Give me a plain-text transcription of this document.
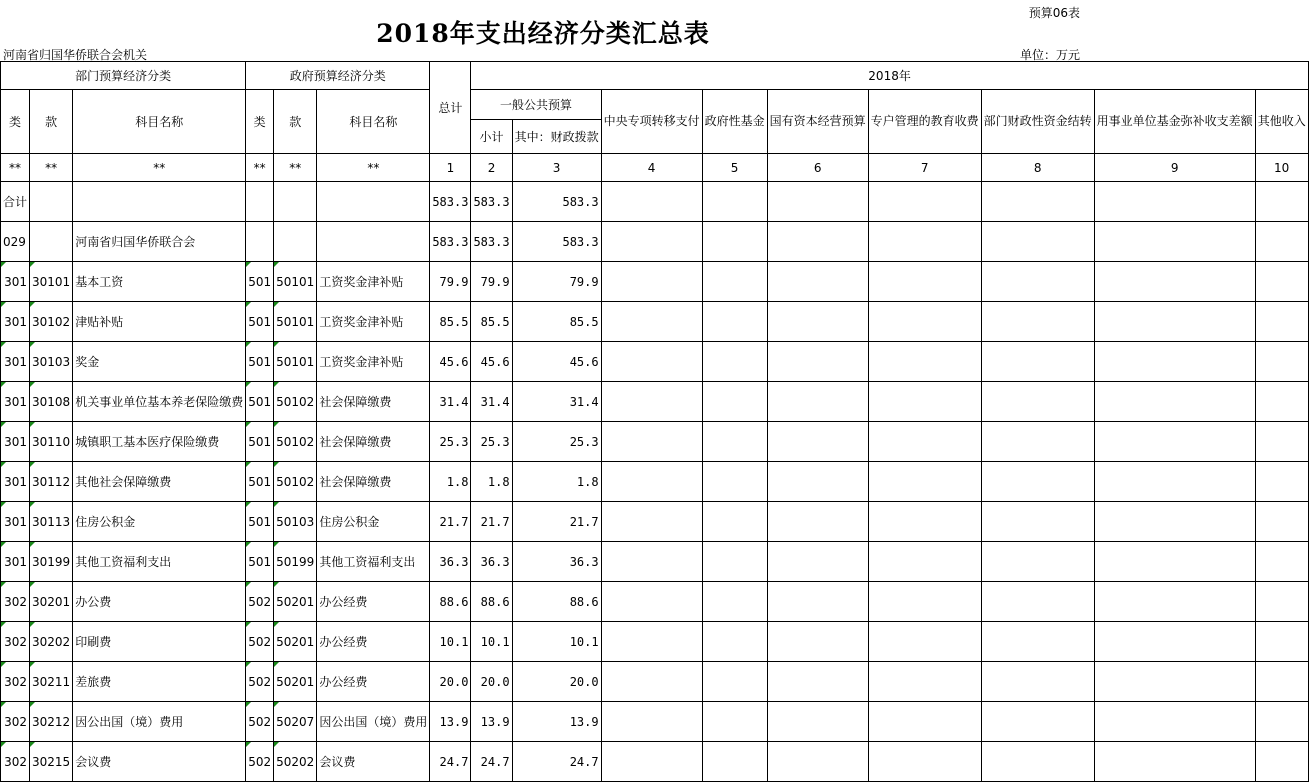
预算06表
2018年支出经济分类汇总表
河南省归国华侨联合会机关	单位：万元
部门预算经济分类			政府预算经济分类			总计	2018年								
类	款	科目名称	类	款	科目名称		一般公共预算		中央专项转移支付	政府性基金	国有资本经营预算	专户管理的教育收费	部门财政性资金结转	用事业单位基金弥补收支差额	其他收入
							小计	其中：财政拨款							
**	**	**	**	**	**	1	2	3	4	5	6	7	8	9	10
合计						583.3	583.3	583.3							
029		河南省归国华侨联合会				583.3	583.3	583.3							
301	30101	基本工资	501	50101	工资奖金津补贴	79.9	79.9	79.9							
301	30102	津贴补贴	501	50101	工资奖金津补贴	85.5	85.5	85.5							
301	30103	奖金	501	50101	工资奖金津补贴	45.6	45.6	45.6							
301	30108	机关事业单位基本养老保险缴费	501	50102	社会保障缴费	31.4	31.4	31.4							
301	30110	城镇职工基本医疗保险缴费	501	50102	社会保障缴费	25.3	25.3	25.3							
301	30112	其他社会保障缴费	501	50102	社会保障缴费	1.8	1.8	1.8							
301	30113	住房公积金	501	50103	住房公积金	21.7	21.7	21.7							
301	30199	其他工资福利支出	501	50199	其他工资福利支出	36.3	36.3	36.3							
302	30201	办公费	502	50201	办公经费	88.6	88.6	88.6							
302	30202	印刷费	502	50201	办公经费	10.1	10.1	10.1							
302	30211	差旅费	502	50201	办公经费	20.0	20.0	20.0							
302	30212	因公出国（境）费用	502	50207	因公出国（境）费用	13.9	13.9	13.9							
302	30215	会议费	502	50202	会议费	24.7	24.7	24.7							
